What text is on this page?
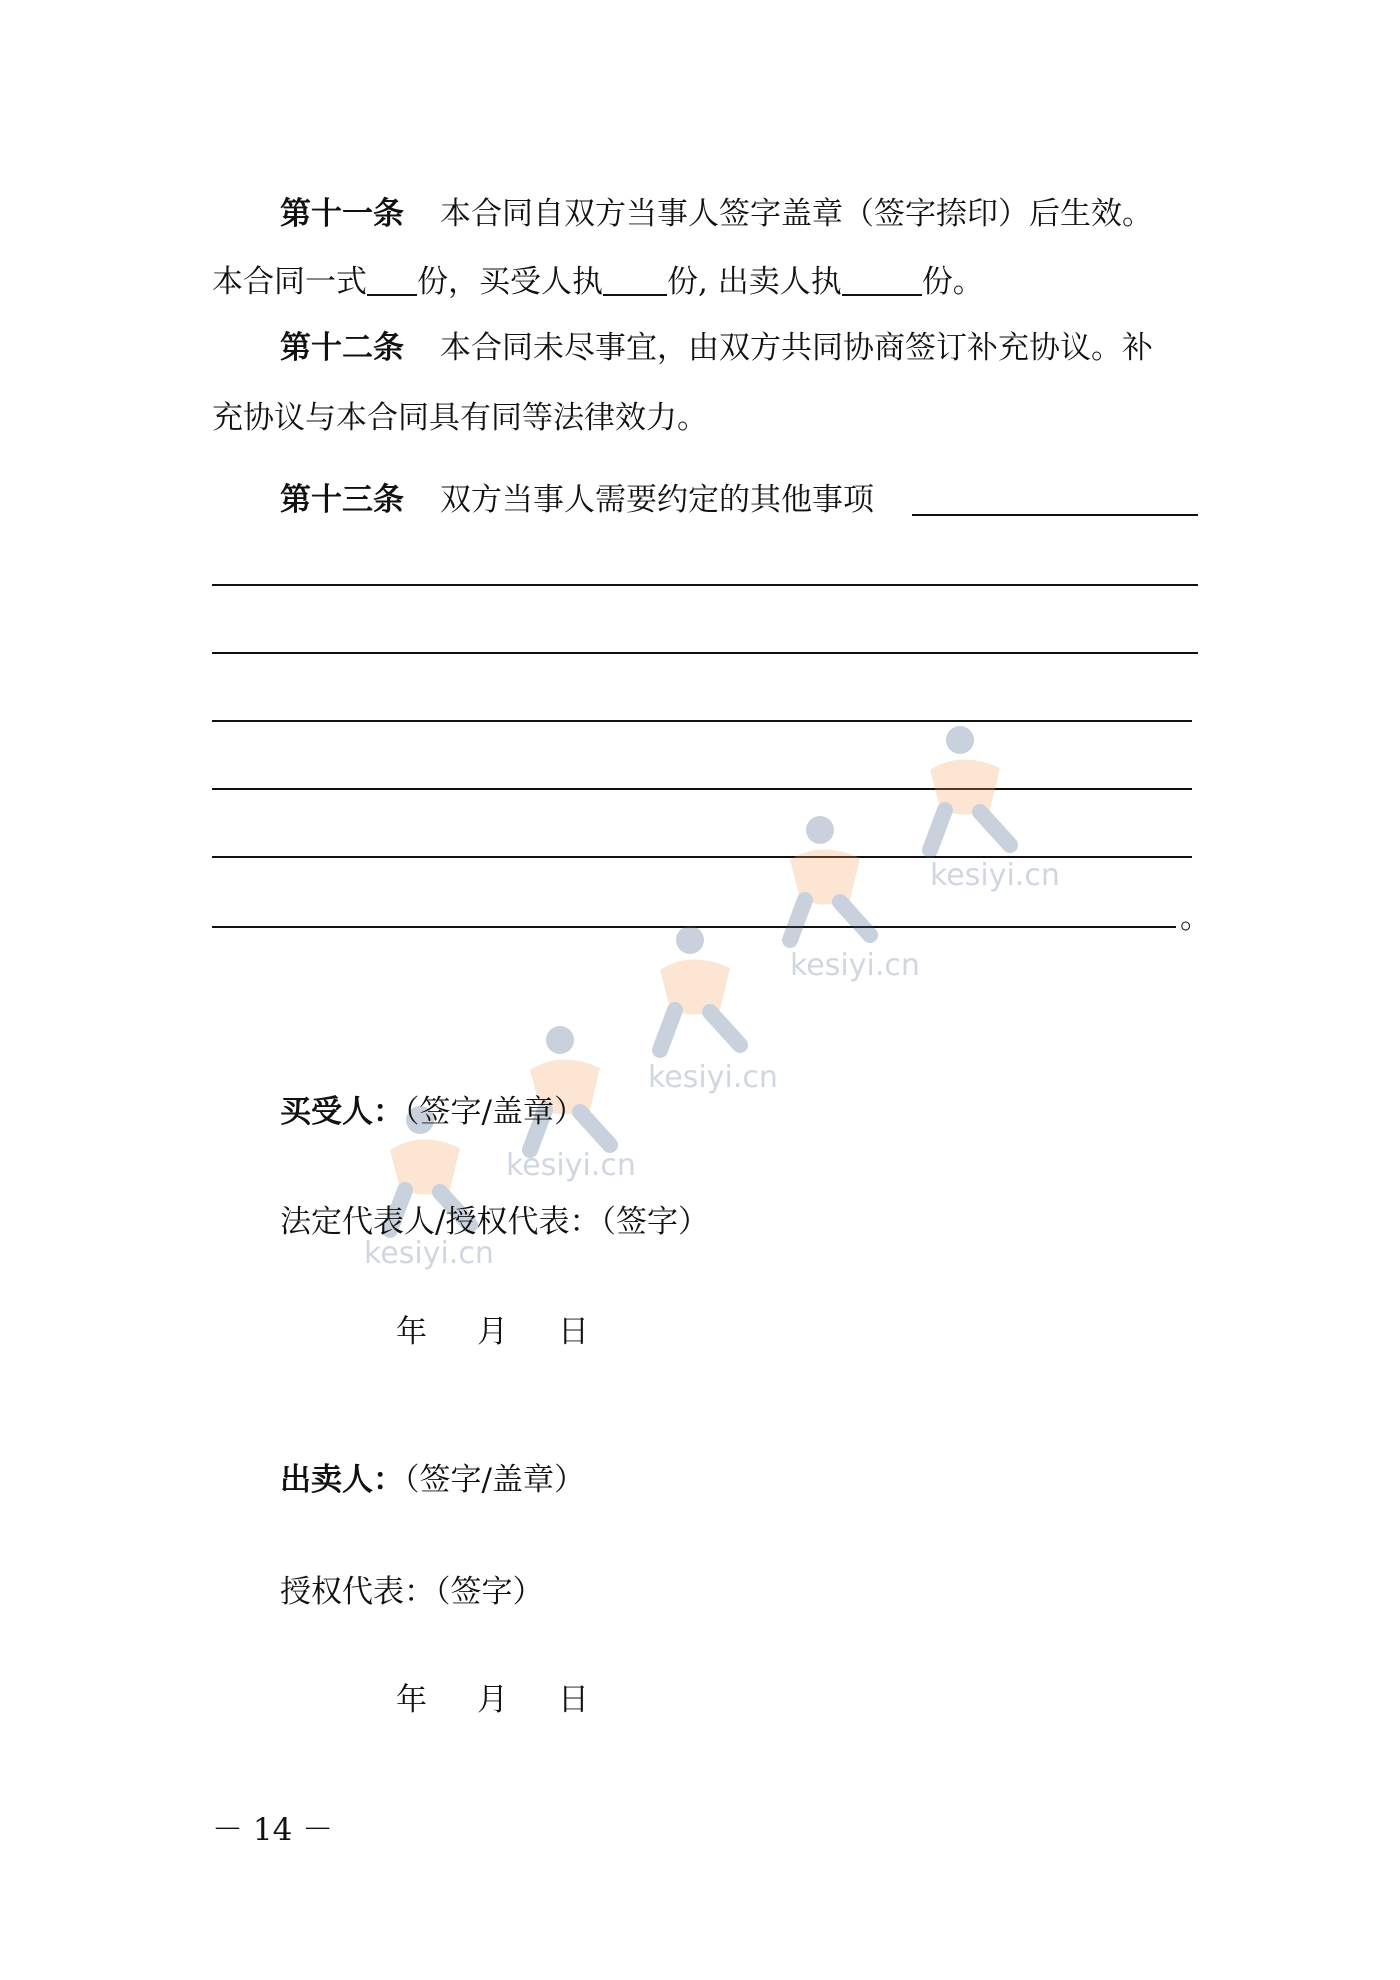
第十一条 本合同自双方当事人签字盖章（签字捺印）后生效。
本合同一式 份，买受人执 份, 出卖人执	份。
第十二条 本合同未尽事宜，由双方共同协商签订补充协议。补
充协议与本合同具有同等法律效力。
第十三条 双方当事人需要约定的其他事项
。
kesiyi.cn
kesiyi.cn
kesiyi.cn
kesiyi.cn
kesiyi.cn
买受人：（签字/盖章）
法定代表人/授权代表：（签字）
年 月 日
出卖人：（签字/盖章）
授权代表：（签字）
年 月 日
－ 14 －
